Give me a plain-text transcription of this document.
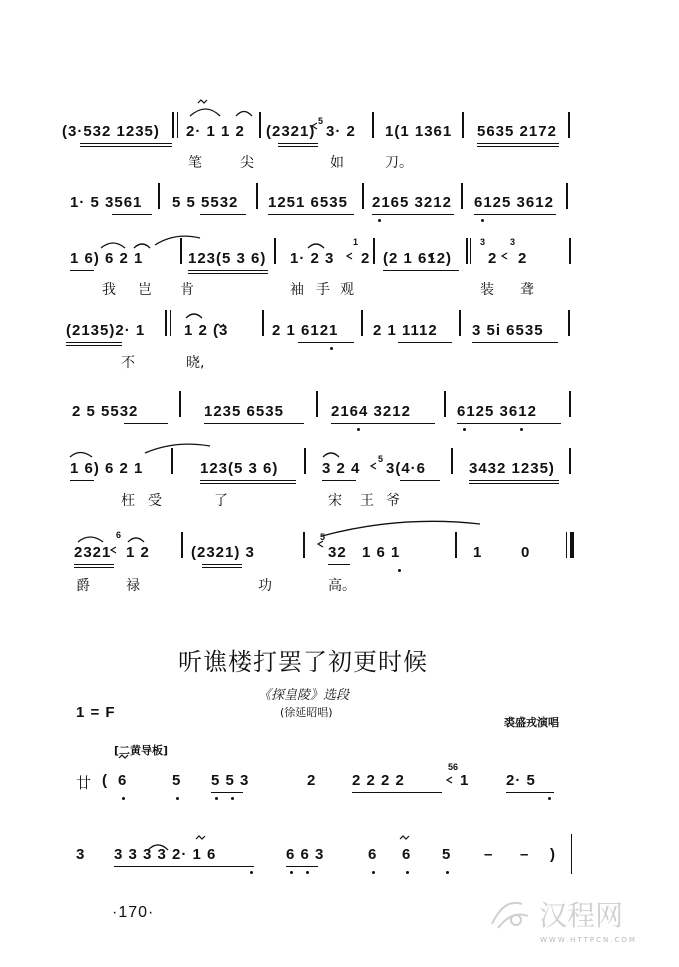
(3·532 1235) 2· 1 1 2 (2321)
5
3· 2 1(1 1361 5635 2172
笔	尖	如	刀。
1· 5 3561 5 5 5532 1251 6535 2165 3212 6125 3612
1 6) 6 2 1	123(5 3 6) 1· 2 3
1
2 (2 1 612)
3
2
3
2
我 岂 肯	袖 手 观	装 聋
(2135)2· 1	1 2 (3	2 1 6121 2 1 1112 3 5i 6535
不	晓,
2 5 5532	1235 6535	2164 3212	6125 3612
1 6) 6 2 1	123(5 3 6)	3 2 4
5
3(4·6	3432 1235)
枉 受	了	宋 王 爷
2321
6
1 2	(2321) 3
5
32 1 6 1	1	0
爵	禄	功	高。
听谯楼打罢了初更时候
《探皇陵》选段
(徐延昭唱)
1 = F
裘盛戎演唱
[二黄导板]
廿 ( 6	5 5 5 3	2 2 2 2 2
56
1 2· 5
3 3 3 3 3 2· 1 6	6 6 3	6 6 5 – – )
·170·	汉程网
WWW.HTTPCN.COM
